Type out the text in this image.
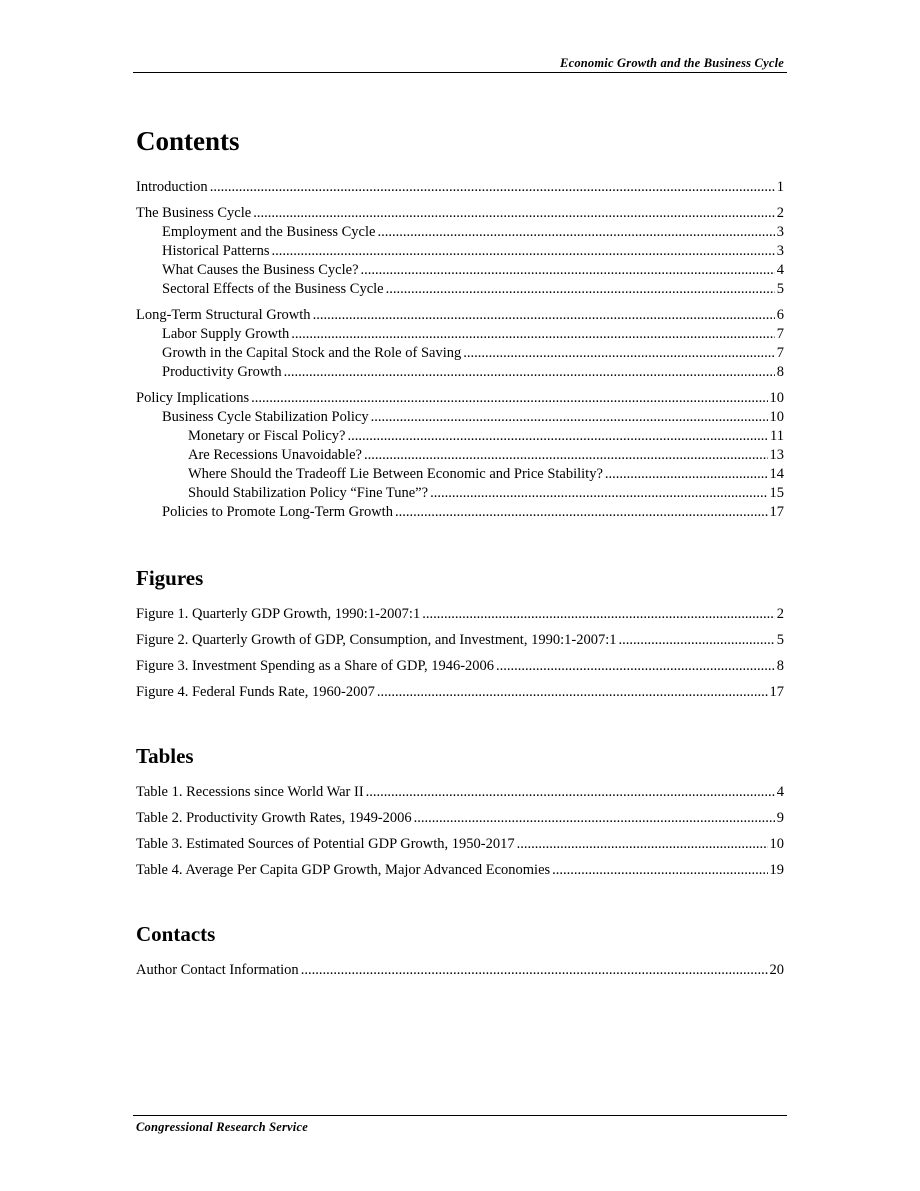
Economic Growth and the Business Cycle
Contents
Introduction .....	1
The Business Cycle .....	2
Employment and the Business Cycle .....	3
Historical Patterns .....	3
What Causes the Business Cycle? .....	4
Sectoral Effects of the Business Cycle .....	5
Long-Term Structural Growth .....	6
Labor Supply Growth .....	7
Growth in the Capital Stock and the Role of Saving .....	7
Productivity Growth .....	8
Policy Implications .....	10
Business Cycle Stabilization Policy .....	10
Monetary or Fiscal Policy? .....	11
Are Recessions Unavoidable? .....	13
Where Should the Tradeoff Lie Between Economic and Price Stability? .....	14
Should Stabilization Policy “Fine Tune”? .....	15
Policies to Promote Long-Term Growth .....	17
Figures
Figure 1. Quarterly GDP Growth, 1990:1-2007:1 .....	2
Figure 2. Quarterly Growth of GDP, Consumption, and Investment, 1990:1-2007:1 .....	5
Figure 3. Investment Spending as a Share of GDP, 1946-2006 .....	8
Figure 4. Federal Funds Rate, 1960-2007 .....	17
Tables
Table 1. Recessions since World War II .....	4
Table 2. Productivity Growth Rates, 1949-2006 .....	9
Table 3. Estimated Sources of Potential GDP Growth, 1950-2017 .....	10
Table 4. Average Per Capita GDP Growth, Major Advanced Economies .....	19
Contacts
Author Contact Information .....	20
Congressional Research Service
